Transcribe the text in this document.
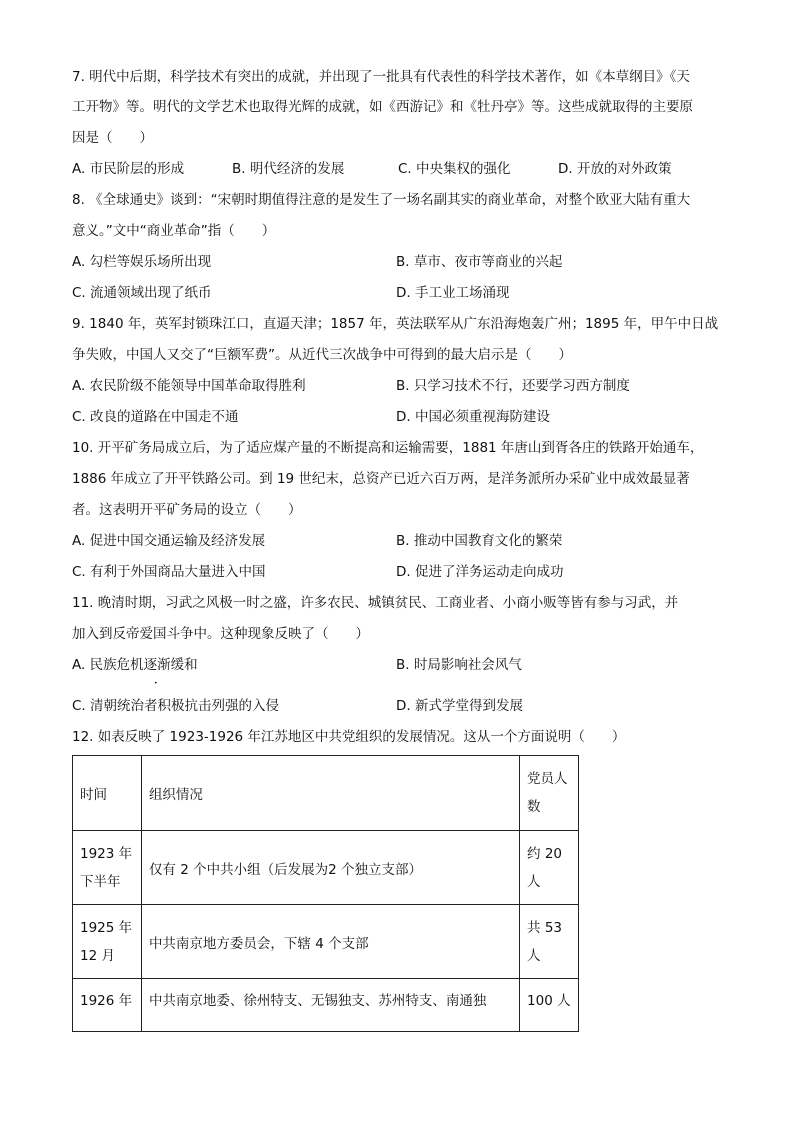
7. 明代中后期，科学技术有突出的成就，并出现了一批具有代表性的科学技术著作，如《本草纲目》《天
工开物》等。明代的文学艺术也取得光辉的成就，如《西游记》和《牡丹亭》等。这些成就取得的主要原
因是（　　）
A. 市民阶层的形成	B. 明代经济的发展	C. 中央集权的强化	D. 开放的对外政策
8. 《全球通史》谈到：“宋朝时期值得注意的是发生了一场名副其实的商业革命，对整个欧亚大陆有重大
意义。”文中“商业革命”指（　　）
A. 勾栏等娱乐场所出现	B. 草市、夜市等商业的兴起
C. 流通领域出现了纸币	D. 手工业工场涌现
9. 1840 年，英军封锁珠江口，直逼天津；1857 年，英法联军从广东沿海炮轰广州；1895 年，甲午中日战
争失败，中国人又交了“巨额军费”。从近代三次战争中可得到的最大启示是（　　）
A. 农民阶级不能领导中国革命取得胜利	B. 只学习技术不行，还要学习西方制度
C. 改良的道路在中国走不通	D. 中国必须重视海防建设
10. 开平矿务局成立后，为了适应煤产量的不断提高和运输需要，1881 年唐山到胥各庄的铁路开始通车，
1886 年成立了开平铁路公司。到 19 世纪末，总资产已近六百万两，是洋务派所办采矿业中成效最显著
者。这表明开平矿务局的设立（　　）
A. 促进中国交通运输及经济发展	B. 推动中国教育文化的繁荣
C. 有利于外国商品大量进入中国	D. 促进了洋务运动走向成功
11. 晚清时期，习武之风极一时之盛，许多农民、城镇贫民、工商业者、小商小贩等皆有参与习武，并
加入到反帝爱国斗争中。这种现象反映了（　　）
A. 民族危机逐渐缓和	B. 时局影响社会风气
•
C. 清朝统治者积极抗击列强的入侵	D. 新式学堂得到发展
12. 如表反映了 1923-1926 年江苏地区中共党组织的发展情况。这从一个方面说明（　　）
时间	组织情况	党员人
数

1923 年
下半年	仅有 2 个中共小组（后发展为2 个独立支部）	约 20
人

1925 年
12 月	中共南京地方委员会，下辖 4 个支部	共 53
人

1926 年	中共南京地委、徐州特支、无锡独支、苏州特支、南通独	100 人
